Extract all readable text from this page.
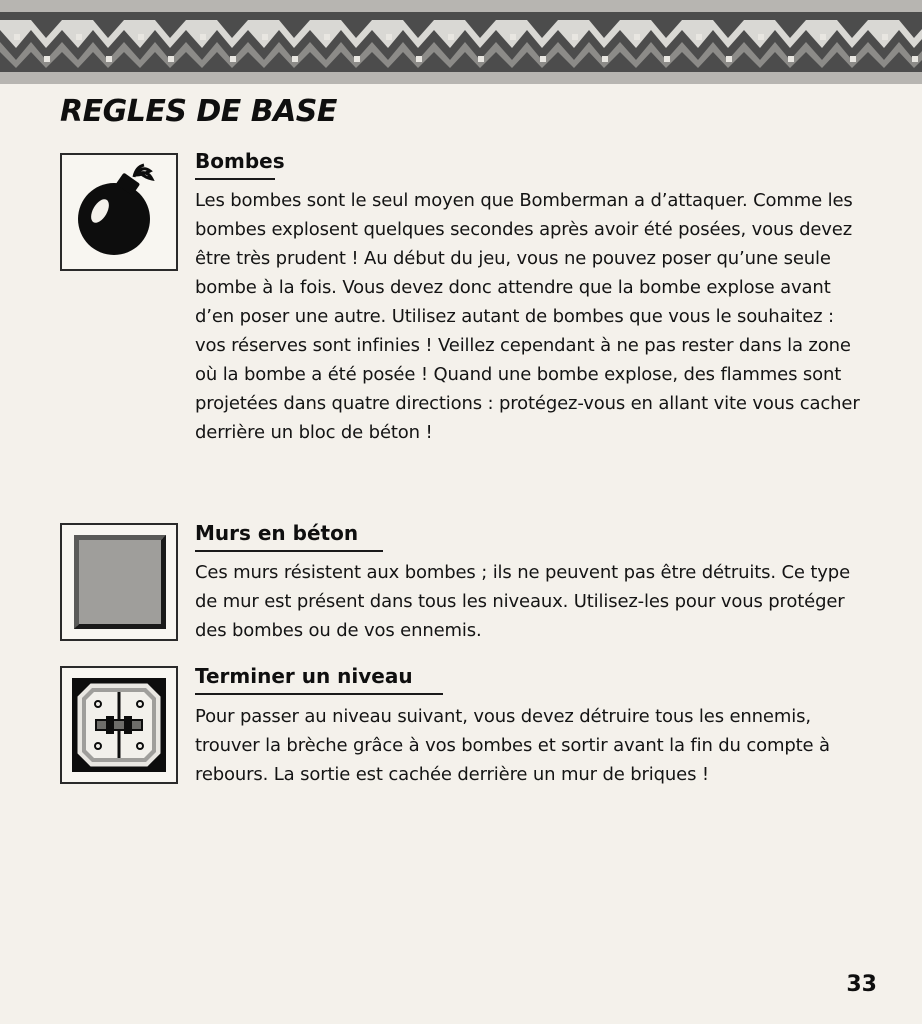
REGLES DE BASE
Bombes

Les bombes sont le seul moyen que Bomberman a d’attaquer. Comme les bombes explosent quelques secondes après avoir été posées, vous devez être très prudent ! Au début du jeu, vous ne pouvez poser qu’une seule bombe à la fois. Vous devez donc attendre que la bombe explose avant d’en poser une autre. Utilisez autant de bombes que vous le souhaitez : vos réserves sont infinies ! Veillez cependant à ne pas rester dans la zone où la bombe a été posée ! Quand une bombe explose, des flammes sont projetées dans quatre directions : protégez-vous en allant vite vous cacher derrière un bloc de béton !

Murs en béton

Ces murs résistent aux bombes ; ils ne peuvent pas être détruits. Ce type de mur est présent dans tous les niveaux. Utilisez-les pour vous protéger des bombes ou de vos ennemis.

Terminer un niveau

Pour passer au niveau suivant, vous devez détruire tous les ennemis, trouver la brèche grâce à vos bombes et sortir avant la fin du compte à rebours. La sortie est cachée derrière un mur de briques !

33
